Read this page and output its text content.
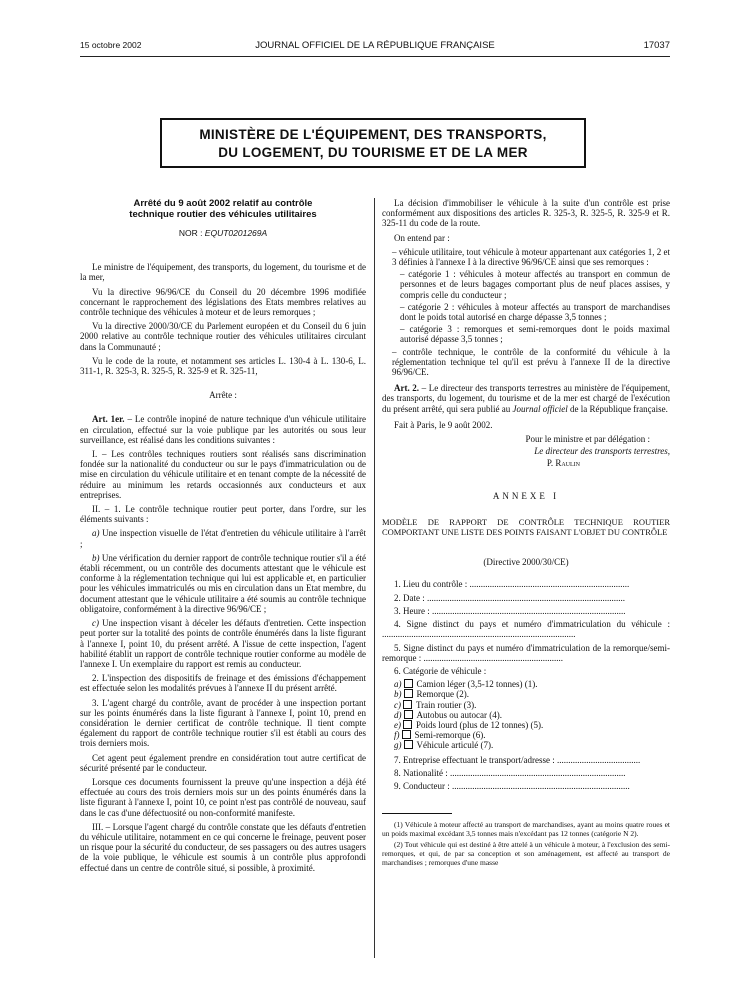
15 octobre 2002	JOURNAL OFFICIEL DE LA RÉPUBLIQUE FRANÇAISE	17037
MINISTÈRE DE L'ÉQUIPEMENT, DES TRANSPORTS,
DU LOGEMENT, DU TOURISME ET DE LA MER

Arrêté du 9 août 2002 relatif au contrôle
technique routier des véhicules utilitaires

NOR : EQUT0201269A

Le ministre de l'équipement, des transports, du logement, du tourisme et de la mer,

Vu la directive 96/96/CE du Conseil du 20 décembre 1996 modifiée concernant le rapprochement des législations des Etats membres relatives au contrôle technique des véhicules à moteur et de leurs remorques ;

Vu la directive 2000/30/CE du Parlement européen et du Conseil du 6 juin 2000 relative au contrôle technique routier des véhicules utilitaires circulant dans la Communauté ;

Vu le code de la route, et notamment ses articles L. 130-4 à L. 130-6, L. 311-1, R. 325-3, R. 325-5, R. 325-9 et R. 325-11,

Arrête :

Art. 1er. – Le contrôle inopiné de nature technique d'un véhicule utilitaire en circulation, effectué sur la voie publique par les autorités ou sous leur surveillance, est réalisé dans les conditions suivantes :

I. – Les contrôles techniques routiers sont réalisés sans discrimination fondée sur la nationalité du conducteur ou sur le pays d'immatriculation ou de mise en circulation du véhicule utilitaire et en tenant compte de la nécessité de réduire au minimum les retards occasionnés aux conducteurs et aux entreprises.

II. – 1. Le contrôle technique routier peut porter, dans l'ordre, sur les éléments suivants :

a) Une inspection visuelle de l'état d'entretien du véhicule utilitaire à l'arrêt ;

b) Une vérification du dernier rapport de contrôle technique routier s'il a été établi récemment, ou un contrôle des documents attestant que le véhicule est conforme à la réglementation technique qui lui est applicable et, en particulier pour les véhicules immatriculés ou mis en circulation dans un Etat membre, du document attestant que le véhicule utilitaire a été soumis au contrôle technique obligatoire, conformément à la directive 96/96/CE ;

c) Une inspection visant à déceler les défauts d'entretien. Cette inspection peut porter sur la totalité des points de contrôle énumérés dans la liste figurant à l'annexe I, point 10, du présent arrêté. A l'issue de cette inspection, l'agent habilité établit un rapport de contrôle technique routier conforme au modèle de l'annexe I. Un exemplaire du rapport est remis au conducteur.

2. L'inspection des dispositifs de freinage et des émissions d'échappement est effectuée selon les modalités prévues à l'annexe II du présent arrêté.

3. L'agent chargé du contrôle, avant de procéder à une inspection portant sur les points énumérés dans la liste figurant à l'annexe I, point 10, prend en considération le dernier certificat de contrôle technique. Il tient compte également du rapport de contrôle technique routier s'il est établi au cours des trois derniers mois.

Cet agent peut également prendre en considération tout autre certificat de sécurité présenté par le conducteur.

Lorsque ces documents fournissent la preuve qu'une inspection a déjà été effectuée au cours des trois derniers mois sur un des points énumérés dans la liste figurant à l'annexe I, point 10, ce point n'est pas contrôlé de nouveau, sauf dans le cas d'une défectuosité ou non-conformité manifeste.

III. – Lorsque l'agent chargé du contrôle constate que les défauts d'entretien du véhicule utilitaire, notamment en ce qui concerne le freinage, peuvent poser un risque pour la sécurité du conducteur, de ses passagers ou des autres usagers de la voie publique, le véhicule est soumis à un contrôle plus approfondi effectué dans un centre de contrôle situé, si possible, à proximité.

La décision d'immobiliser le véhicule à la suite d'un contrôle est prise conformément aux dispositions des articles R. 325-3, R. 325-5, R. 325-9 et R. 325-11 du code de la route.

On entend par :

– véhicule utilitaire, tout véhicule à moteur appartenant aux catégories 1, 2 et 3 définies à l'annexe I à la directive 96/96/CE ainsi que ses remorques :

– catégorie 1 : véhicules à moteur affectés au transport en commun de personnes et de leurs bagages comportant plus de neuf places assises, y compris celle du conducteur ;

– catégorie 2 : véhicules à moteur affectés au transport de marchandises dont le poids total autorisé en charge dépasse 3,5 tonnes ;

– catégorie 3 : remorques et semi-remorques dont le poids maximal autorisé dépasse 3,5 tonnes ;

– contrôle technique, le contrôle de la conformité du véhicule à la réglementation technique tel qu'il est prévu à l'annexe II de la directive 96/96/CE.

Art. 2. – Le directeur des transports terrestres au ministère de l'équipement, des transports, du logement, du tourisme et de la mer est chargé de l'exécution du présent arrêté, qui sera publié au Journal officiel de la République française.

Fait à Paris, le 9 août 2002.

Pour le ministre et par délégation :

Le directeur des transports terrestres,

P. Raulin

ANNEXE I

MODÈLE DE RAPPORT DE CONTRÔLE TECHNIQUE ROUTIER COMPORTANT UNE LISTE DES POINTS FAISANT L'OBJET DU CONTRÔLE

(Directive 2000/30/CE)

1. Lieu du contrôle : .......................................................................

2. Date : ........................................................................................

3. Heure : ......................................................................................

4. Signe distinct du pays et numéro d'immatriculation du véhicule : ......................................................................................

5. Signe distinct du pays et numéro d'immatriculation de la remorque/semi-remorque : ..............................................................

6. Catégorie de véhicule :

a) Camion léger (3,5-12 tonnes) (1).
b) Remorque (2).
c) Train routier (3).
d) Autobus ou autocar (4).
e) Poids lourd (plus de 12 tonnes) (5).
f) Semi-remorque (6).
g) Véhicule articulé (7).

7. Entreprise effectuant le transport/adresse : .....................................

8. Nationalité : ..............................................................................

9. Conducteur : ...............................................................................

(1) Véhicule à moteur affecté au transport de marchandises, ayant au moins quatre roues et un poids maximal excédant 3,5 tonnes mais n'excédant pas 12 tonnes (catégorie N 2).

(2) Tout véhicule qui est destiné à être attelé à un véhicule à moteur, à l'exclusion des semi-remorques, et qui, de par sa conception et son aménagement, est affecté au transport de marchandises ; remorques d'une masse
